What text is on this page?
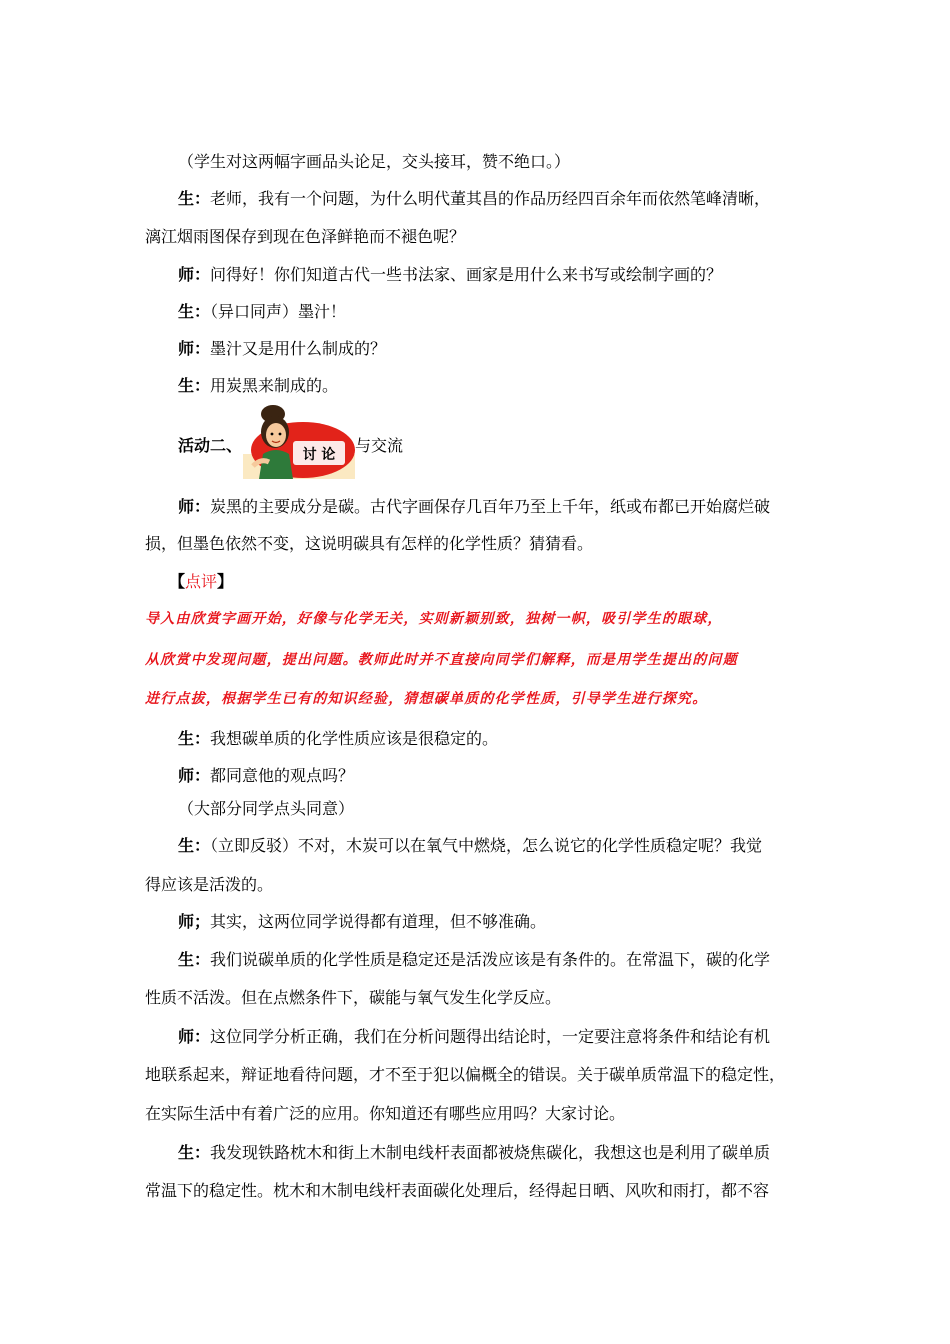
（学生对这两幅字画品头论足，交头接耳，赞不绝口。）
生：老师，我有一个问题，为什么明代董其昌的作品历经四百余年而依然笔峰清晰，
漓江烟雨图保存到现在色泽鲜艳而不褪色呢？
师：问得好！你们知道古代一些书法家、画家是用什么来书写或绘制字画的？
生：（异口同声）墨汁！
师：墨汁又是用什么制成的？
生：用炭黑来制成的。
活动二、	讨 论 与交流
师：炭黑的主要成分是碳。古代字画保存几百年乃至上千年，纸或布都已开始腐烂破
损，但墨色依然不变，这说明碳具有怎样的化学性质？猜猜看。
【点评】
导入由欣赏字画开始，好像与化学无关，实则新颖别致，独树一帜，吸引学生的眼球，
从欣赏中发现问题，提出问题。教师此时并不直接向同学们解释，而是用学生提出的问题
进行点拔，根据学生已有的知识经验，猜想碳单质的化学性质，引导学生进行探究。
生：我想碳单质的化学性质应该是很稳定的。
师：都同意他的观点吗？
（大部分同学点头同意）
生：（立即反驳）不对，木炭可以在氧气中燃烧，怎么说它的化学性质稳定呢？我觉
得应该是活泼的。
师；其实，这两位同学说得都有道理，但不够准确。
生：我们说碳单质的化学性质是稳定还是活泼应该是有条件的。在常温下，碳的化学
性质不活泼。但在点燃条件下，碳能与氧气发生化学反应。
师：这位同学分析正确，我们在分析问题得出结论时，一定要注意将条件和结论有机
地联系起来，辩证地看待问题，才不至于犯以偏概全的错误。关于碳单质常温下的稳定性，
在实际生活中有着广泛的应用。你知道还有哪些应用吗？大家讨论。
生：我发现铁路枕木和街上木制电线杆表面都被烧焦碳化，我想这也是利用了碳单质
常温下的稳定性。枕木和木制电线杆表面碳化处理后，经得起日晒、风吹和雨打，都不容
